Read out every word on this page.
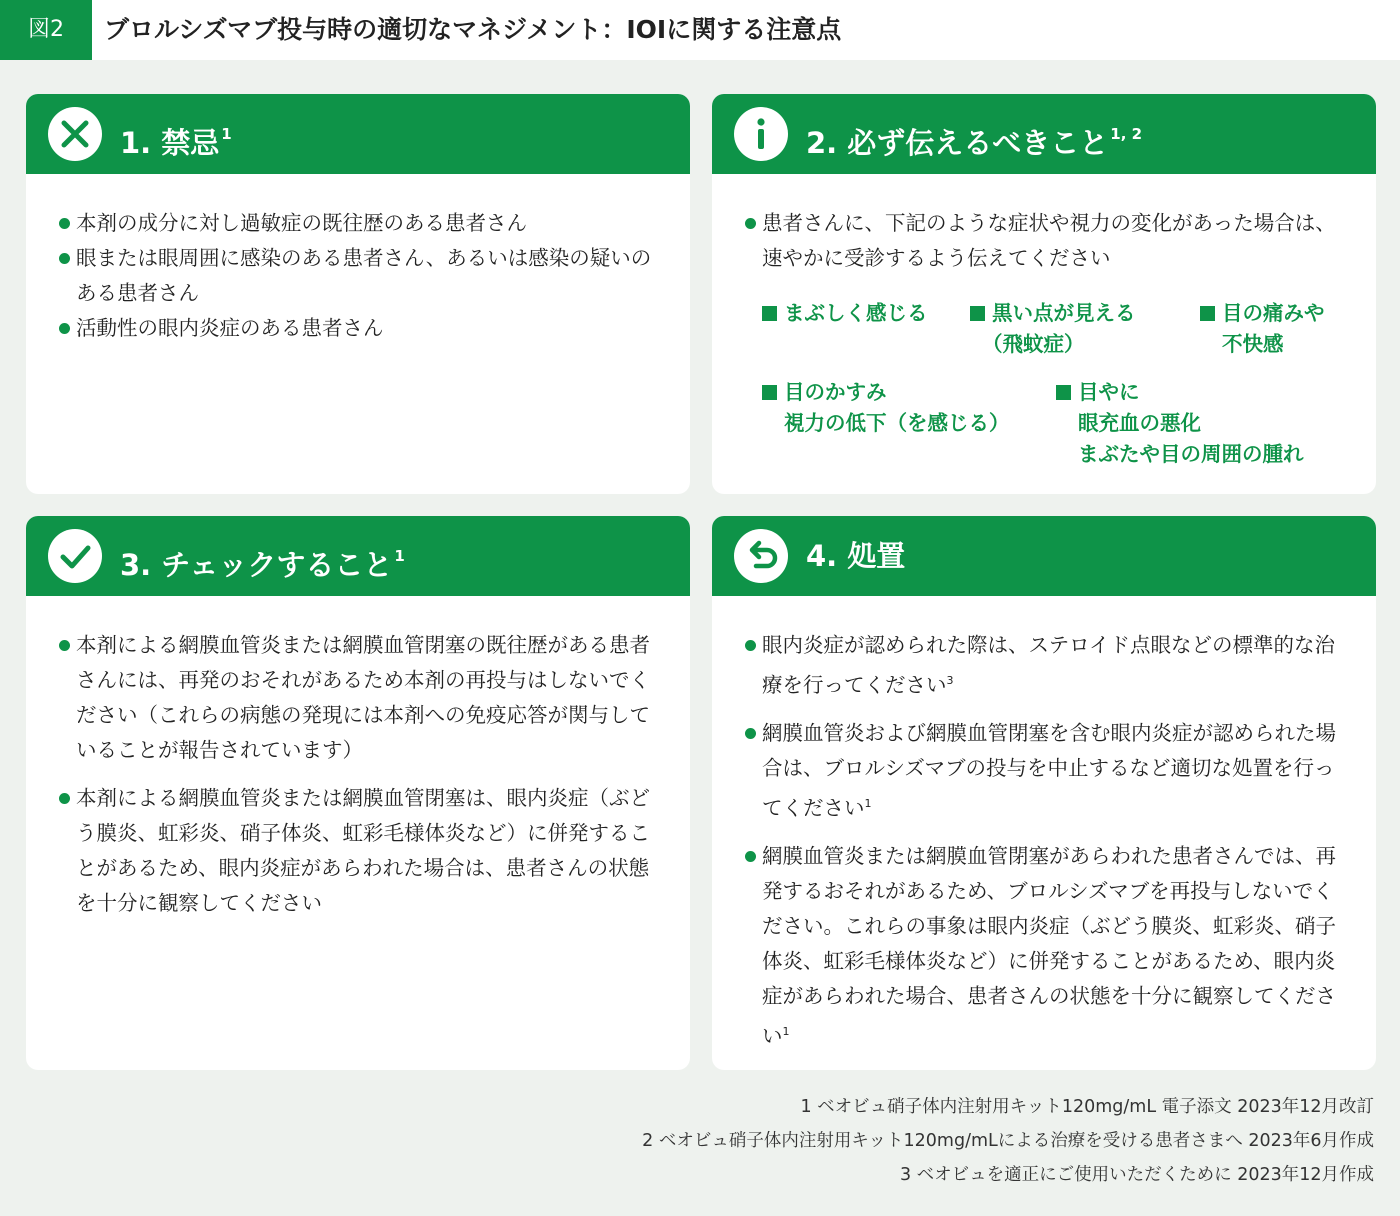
図2	ブロルシズマブ投与時の適切なマネジメント：IOIに関する注意点
1. 禁忌 $^1$
本剤の成分に対し過敏症の既往歴のある患者さん
眼または眼周囲に感染のある患者さん、あるいは感染の疑いのある患者さん
活動性の眼内炎症のある患者さん
2. 必ず伝えるべきこと $^{1, 2}$
患者さんに、下記のような症状や視力の変化があった場合は、速やかに受診するよう伝えてください
まぶしく感じる	黒い点が見える
（飛蚊症）
目の痛みや
不快感
目のかすみ
視力の低下（を感じる）
目やに
眼充血の悪化
まぶたや目の周囲の腫れ
3. チェックすること $^1$
本剤による網膜血管炎または網膜血管閉塞の既往歴がある患者さんには、再発のおそれがあるため本剤の再投与はしないでください（これらの病態の発現には本剤への免疫応答が関与していることが報告されています）
本剤による網膜血管炎または網膜血管閉塞は、眼内炎症（ぶどう膜炎、虹彩炎、硝子体炎、虹彩毛様体炎など）に併発することがあるため、眼内炎症があらわれた場合は、患者さんの状態を十分に観察してください
4. 処置
眼内炎症が認められた際は、ステロイド点眼などの標準的な治療を行ってください$^3$
網膜血管炎および網膜血管閉塞を含む眼内炎症が認められた場合は、ブロルシズマブの投与を中止するなど適切な処置を行ってください$^1$
網膜血管炎または網膜血管閉塞があらわれた患者さんでは、再発するおそれがあるため、ブロルシズマブを再投与しないでください。これらの事象は眼内炎症（ぶどう膜炎、虹彩炎、硝子体炎、虹彩毛様体炎など）に併発することがあるため、眼内炎症があらわれた場合、患者さんの状態を十分に観察してください$^1$
1 ベオビュ硝子体内注射用キット120mg/mL 電子添文 2023年12月改訂
2 ベオビュ硝子体内注射用キット120mg/mLによる治療を受ける患者さまへ 2023年6月作成
3 ベオビュを適正にご使用いただくために 2023年12月作成
